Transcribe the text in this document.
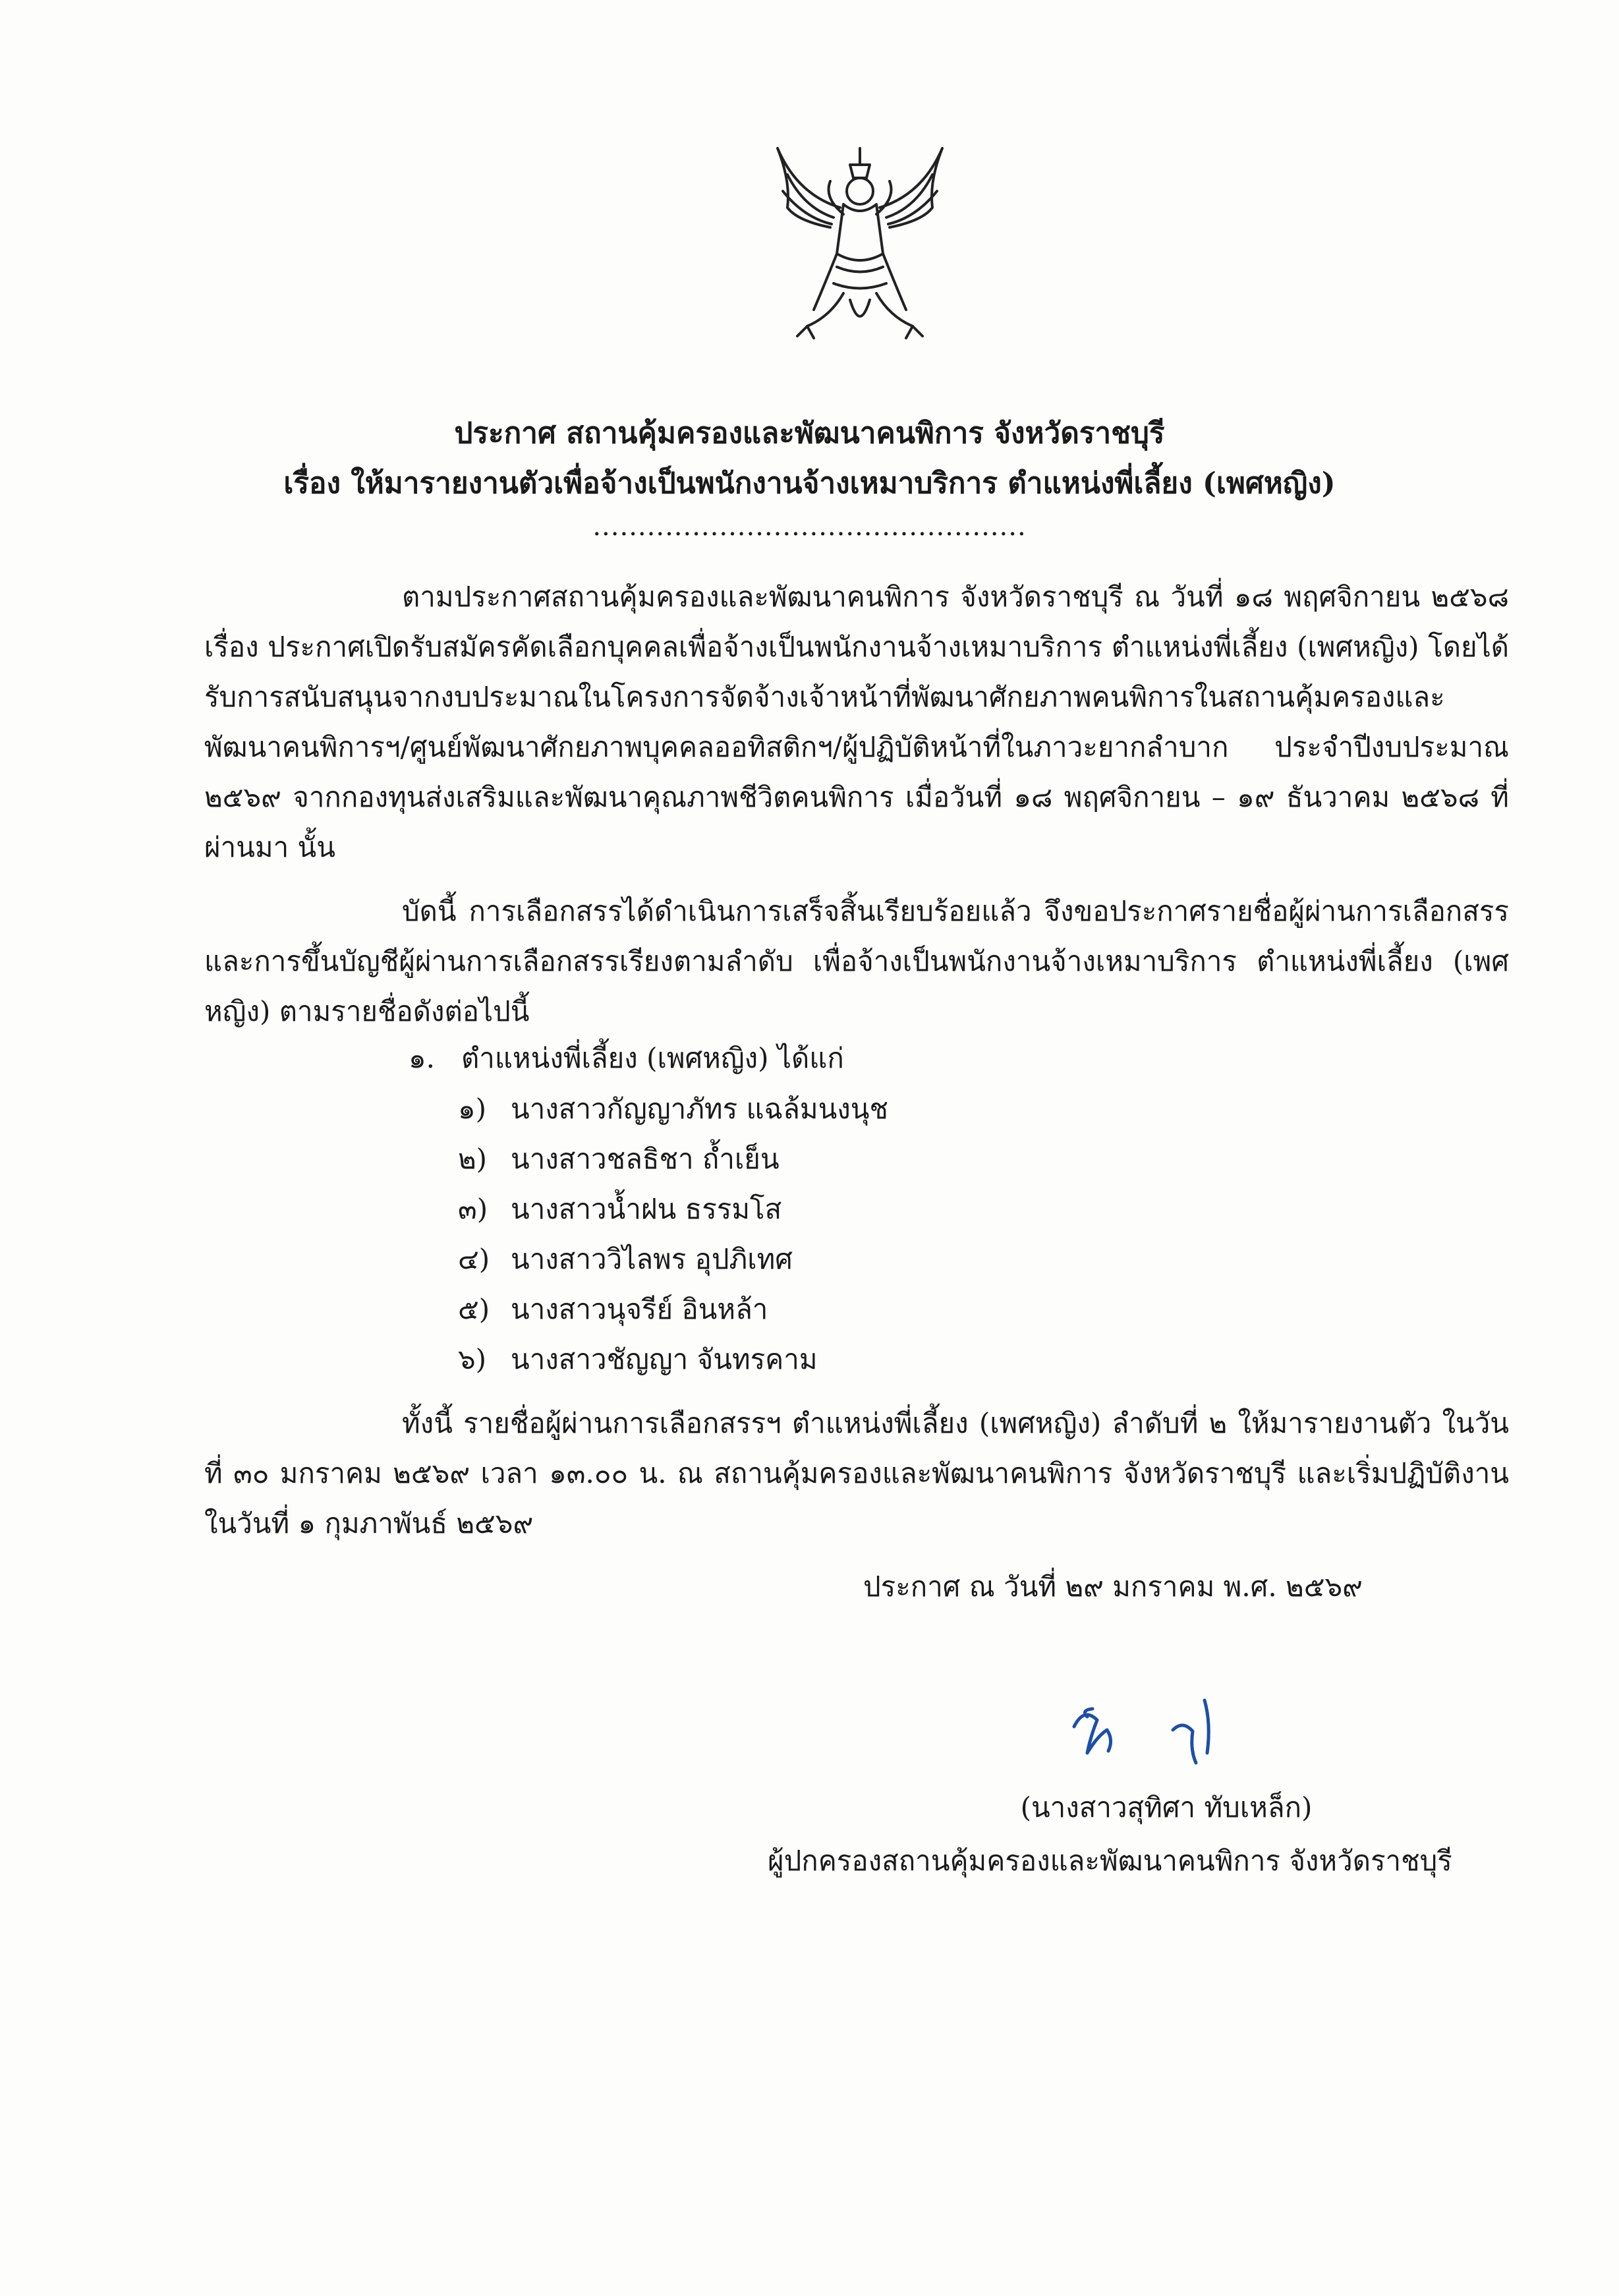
ประกาศ สถานคุ้มครองและพัฒนาคนพิการ จังหวัดราชบุรี
เรื่อง ให้มารายงานตัวเพื่อจ้างเป็นพนักงานจ้างเหมาบริการ ตำแหน่งพี่เลี้ยง (เพศหญิง)
................................................
ตามประกาศสถานคุ้มครองและพัฒนาคนพิการ จังหวัดราชบุรี ณ วันที่ ๑๘ พฤศจิกายน ๒๕๖๘ เรื่อง ประกาศเปิดรับสมัครคัดเลือกบุคคลเพื่อจ้างเป็นพนักงานจ้างเหมาบริการ ตำแหน่งพี่เลี้ยง (เพศหญิง) โดยได้รับการสนับสนุนจากงบประมาณในโครงการจัดจ้างเจ้าหน้าที่พัฒนาศักยภาพคนพิการในสถานคุ้มครองและพัฒนาคนพิการฯ/ศูนย์พัฒนาศักยภาพบุคคลออทิสติกฯ/ผู้ปฏิบัติหน้าที่ในภาวะยากลำบาก ประจำปีงบประมาณ ๒๕๖๙ จากกองทุนส่งเสริมและพัฒนาคุณภาพชีวิตคนพิการ เมื่อวันที่ ๑๘ พฤศจิกายน – ๑๙ ธันวาคม ๒๕๖๘ ที่ผ่านมา นั้น
บัดนี้ การเลือกสรรได้ดำเนินการเสร็จสิ้นเรียบร้อยแล้ว จึงขอประกาศรายชื่อผู้ผ่านการเลือกสรร และการขึ้นบัญชีผู้ผ่านการเลือกสรรเรียงตามลำดับ เพื่อจ้างเป็นพนักงานจ้างเหมาบริการ ตำแหน่งพี่เลี้ยง (เพศหญิง) ตามรายชื่อดังต่อไปนี้
๑. ตำแหน่งพี่เลี้ยง (เพศหญิง) ได้แก่
๑) นางสาวกัญญาภัทร แฉล้มนงนุช
๒) นางสาวชลธิชา ถ้ำเย็น
๓) นางสาวน้ำฝน ธรรมโส
๔) นางสาววิไลพร อุปภิเทศ
๕) นางสาวนุจรีย์ อินหล้า
๖) นางสาวชัญญา จันทรคาม
ทั้งนี้ รายชื่อผู้ผ่านการเลือกสรรฯ ตำแหน่งพี่เลี้ยง (เพศหญิง) ลำดับที่ ๒ ให้มารายงานตัว ในวันที่ ๓๐ มกราคม ๒๕๖๙ เวลา ๑๓.๐๐ น. ณ สถานคุ้มครองและพัฒนาคนพิการ จังหวัดราชบุรี และเริ่มปฏิบัติงานในวันที่ ๑ กุมภาพันธ์ ๒๕๖๙
ประกาศ ณ วันที่ ๒๙ มกราคม พ.ศ. ๒๕๖๙
(นางสาวสุทิศา ทับเหล็ก)
ผู้ปกครองสถานคุ้มครองและพัฒนาคนพิการ จังหวัดราชบุรี
